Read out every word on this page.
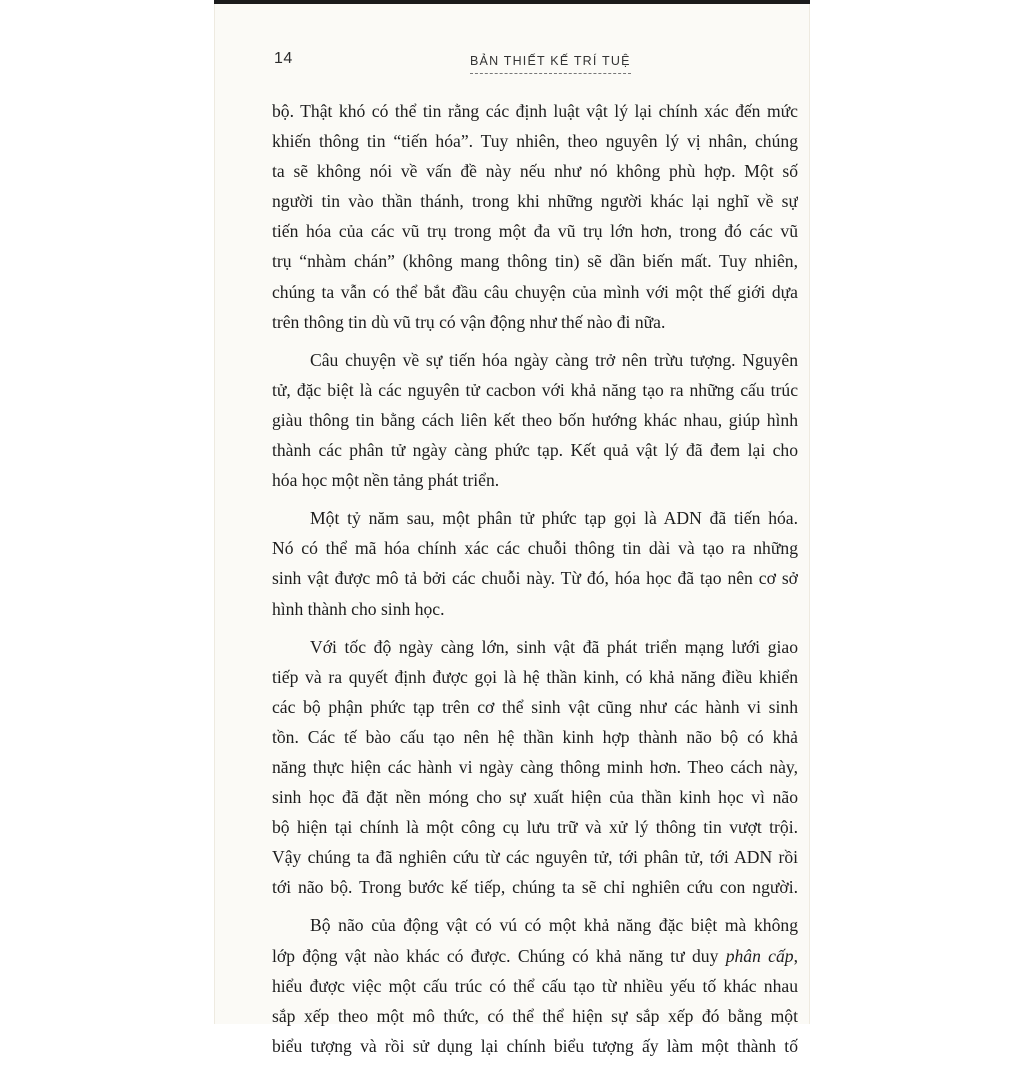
14	BẢN THIẾT KẾ TRÍ TUỆ
bộ. Thật khó có thể tin rằng các định luật vật lý lại chính xác đến mức
khiến thông tin “tiến hóa”. Tuy nhiên, theo nguyên lý vị nhân, chúng
ta sẽ không nói về vấn đề này nếu như nó không phù hợp. Một số
người tin vào thần thánh, trong khi những người khác lại nghĩ về sự
tiến hóa của các vũ trụ trong một đa vũ trụ lớn hơn, trong đó các vũ
trụ “nhàm chán” (không mang thông tin) sẽ dần biến mất. Tuy nhiên,
chúng ta vẫn có thể bắt đầu câu chuyện của mình với một thế giới dựa
trên thông tin dù vũ trụ có vận động như thế nào đi nữa.
Câu chuyện về sự tiến hóa ngày càng trở nên trừu tượng. Nguyên
tử, đặc biệt là các nguyên tử cacbon với khả năng tạo ra những cấu trúc
giàu thông tin bằng cách liên kết theo bốn hướng khác nhau, giúp hình
thành các phân tử ngày càng phức tạp. Kết quả vật lý đã đem lại cho
hóa học một nền tảng phát triển.
Một tỷ năm sau, một phân tử phức tạp gọi là ADN đã tiến hóa.
Nó có thể mã hóa chính xác các chuỗi thông tin dài và tạo ra những
sinh vật được mô tả bởi các chuỗi này. Từ đó, hóa học đã tạo nên cơ sở
hình thành cho sinh học.
Với tốc độ ngày càng lớn, sinh vật đã phát triển mạng lưới giao
tiếp và ra quyết định được gọi là hệ thần kinh, có khả năng điều khiển
các bộ phận phức tạp trên cơ thể sinh vật cũng như các hành vi sinh
tồn. Các tế bào cấu tạo nên hệ thần kinh hợp thành não bộ có khả
năng thực hiện các hành vi ngày càng thông minh hơn. Theo cách này,
sinh học đã đặt nền móng cho sự xuất hiện của thần kinh học vì não
bộ hiện tại chính là một công cụ lưu trữ và xử lý thông tin vượt trội.
Vậy chúng ta đã nghiên cứu từ các nguyên tử, tới phân tử, tới ADN rồi
tới não bộ. Trong bước kế tiếp, chúng ta sẽ chỉ nghiên cứu con người.
Bộ não của động vật có vú có một khả năng đặc biệt mà không
lớp động vật nào khác có được. Chúng có khả năng tư duy phân cấp,
hiểu được việc một cấu trúc có thể cấu tạo từ nhiều yếu tố khác nhau
sắp xếp theo một mô thức, có thể thể hiện sự sắp xếp đó bằng một
biểu tượng và rồi sử dụng lại chính biểu tượng ấy làm một thành tố
